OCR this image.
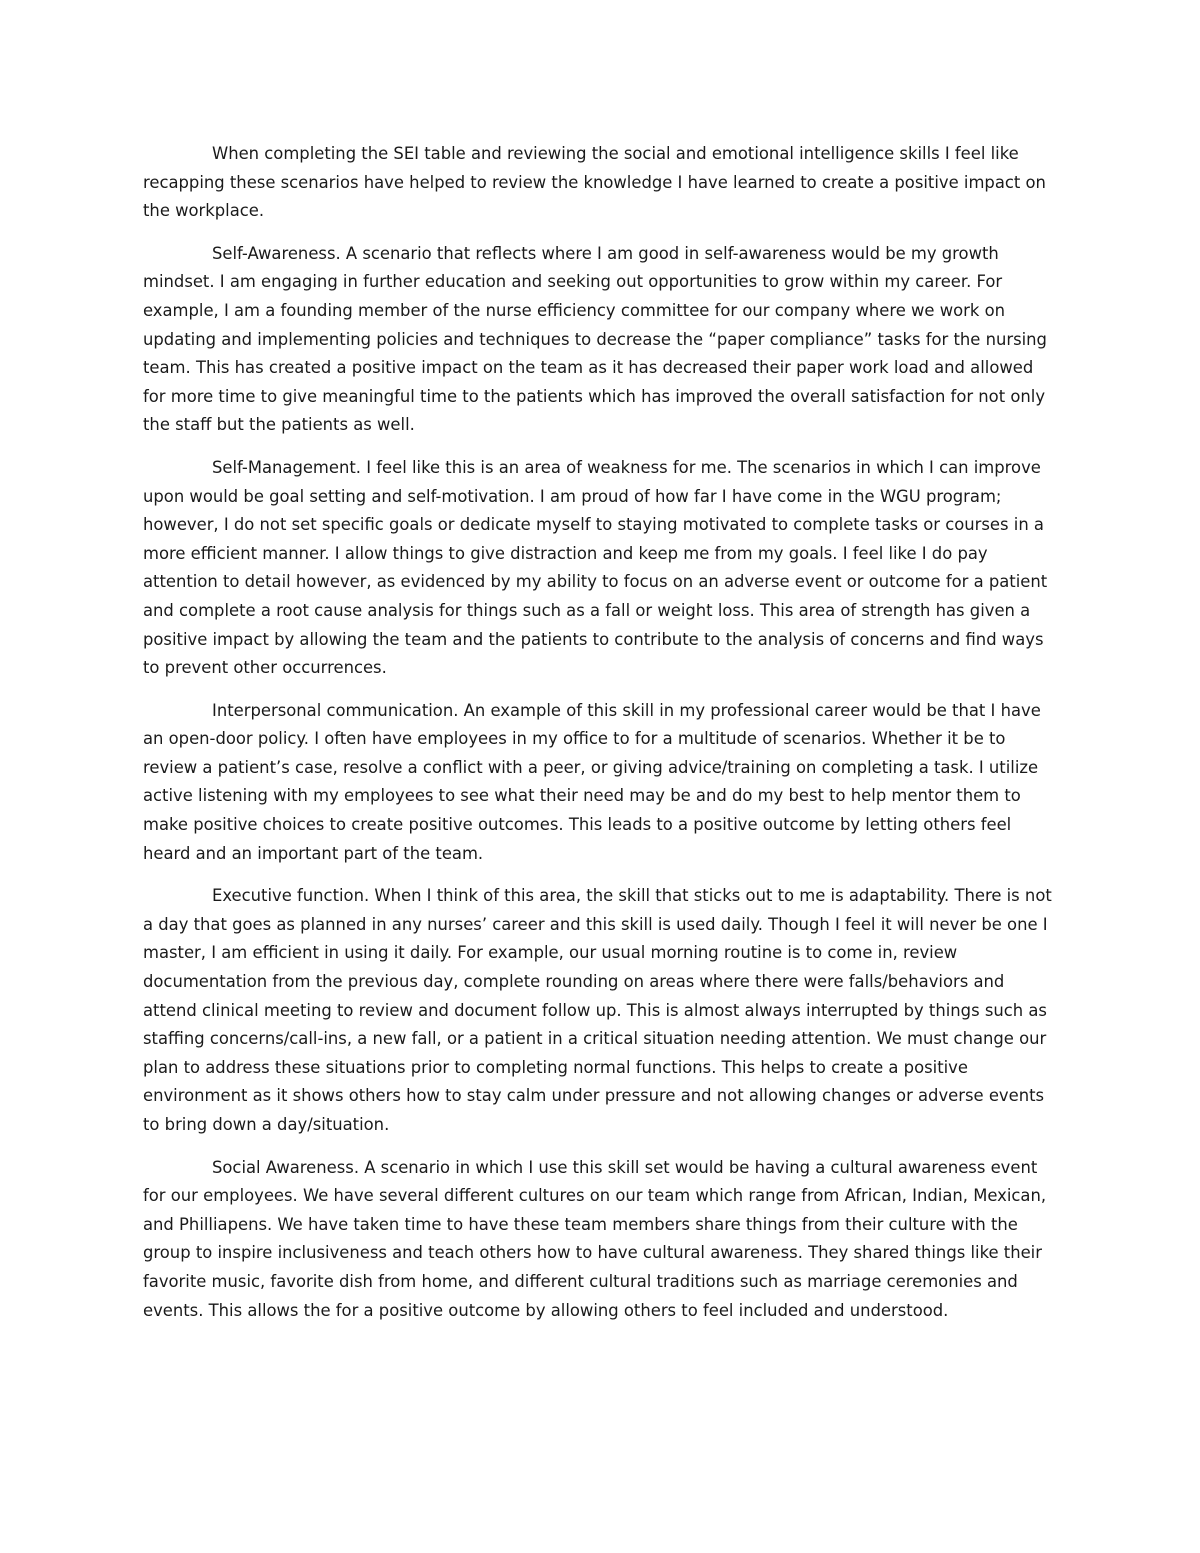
When completing the SEI table and reviewing the social and emotional intelligence skills I feel like recapping these scenarios have helped to review the knowledge I have learned to create a positive impact on the workplace.

Self-Awareness. A scenario that reflects where I am good in self-awareness would be my growth mindset. I am engaging in further education and seeking out opportunities to grow within my career. For example, I am a founding member of the nurse efficiency committee for our company where we work on updating and implementing policies and techniques to decrease the “paper compliance” tasks for the nursing team. This has created a positive impact on the team as it has decreased their paper work load and allowed for more time to give meaningful time to the patients which has improved the overall satisfaction for not only the staff but the patients as well.

Self-Management. I feel like this is an area of weakness for me. The scenarios in which I can improve upon would be goal setting and self-motivation. I am proud of how far I have come in the WGU program; however, I do not set specific goals or dedicate myself to staying motivated to complete tasks or courses in a more efficient manner. I allow things to give distraction and keep me from my goals. I feel like I do pay attention to detail however, as evidenced by my ability to focus on an adverse event or outcome for a patient and complete a root cause analysis for things such as a fall or weight loss. This area of strength has given a positive impact by allowing the team and the patients to contribute to the analysis of concerns and find ways to prevent other occurrences.

Interpersonal communication. An example of this skill in my professional career would be that I have an open-door policy. I often have employees in my office to for a multitude of scenarios. Whether it be to review a patient’s case, resolve a conflict with a peer, or giving advice/training on completing a task. I utilize active listening with my employees to see what their need may be and do my best to help mentor them to make positive choices to create positive outcomes. This leads to a positive outcome by letting others feel heard and an important part of the team.

Executive function. When I think of this area, the skill that sticks out to me is adaptability. There is not a day that goes as planned in any nurses’ career and this skill is used daily. Though I feel it will never be one I master, I am efficient in using it daily. For example, our usual morning routine is to come in, review documentation from the previous day, complete rounding on areas where there were falls/behaviors and attend clinical meeting to review and document follow up. This is almost always interrupted by things such as staffing concerns/call-ins, a new fall, or a patient in a critical situation needing attention. We must change our plan to address these situations prior to completing normal functions. This helps to create a positive environment as it shows others how to stay calm under pressure and not allowing changes or adverse events to bring down a day/situation.

Social Awareness. A scenario in which I use this skill set would be having a cultural awareness event for our employees. We have several different cultures on our team which range from African, Indian, Mexican, and Philliapens. We have taken time to have these team members share things from their culture with the group to inspire inclusiveness and teach others how to have cultural awareness. They shared things like their favorite music, favorite dish from home, and different cultural traditions such as marriage ceremonies and events. This allows the for a positive outcome by allowing others to feel included and understood.
